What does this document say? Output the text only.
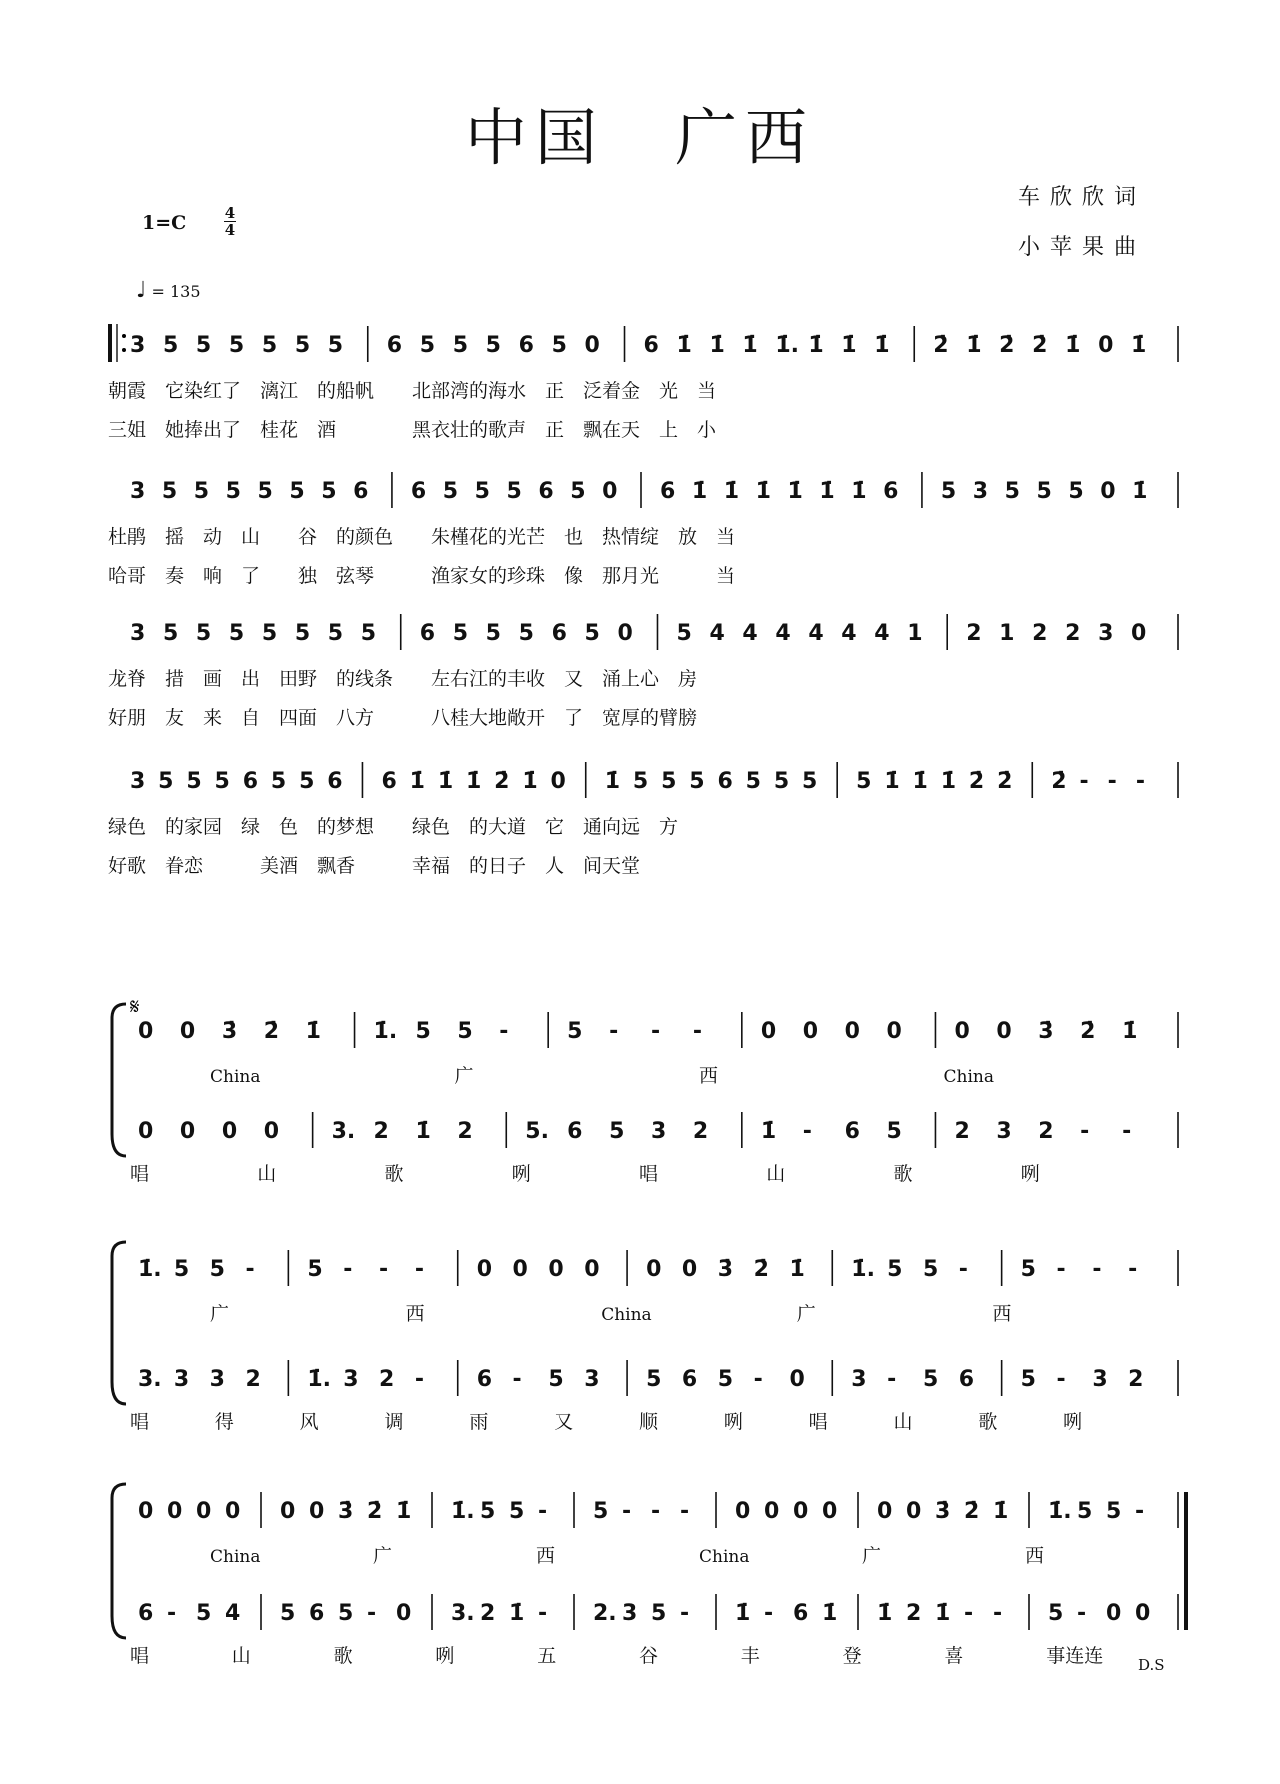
中国　广西
车欣欣词
小苹果曲
1=C	4
4
♩ = 135
3 5 5 5 5 5 5 6 5 5 5 6 5 0 6 1̇ 1̇ 1̇ 1̇. 1̇ 1̇ 1̇ 2̇ 1̇ 2̇ 2̇ 1̇ 0 1̇
朝霞　它染红了　漓江　的船帆　　北部湾的海水　正　泛着金　光　当
三姐　她捧出了　桂花　酒　　　　黑衣壮的歌声　正　飘在天　上　小
3 5 5 5 5 5 5 6 6 5 5 5 6 5 0 6 1̇ 1̇ 1̇ 1̇ 1̇ 1̇ 6 5 3 5 5 5 0 1̇
杜鹃　摇　动　山　　谷　的颜色　　朱槿花的光芒　也　热情绽　放　当
哈哥　奏　响　了　　独　弦琴　　　渔家女的珍珠　像　那月光　　　当
3 5 5 5 5 5 5 5 6 5 5 5 6 5 0 5 4 4 4 4 4 4 1 2 1 2 2 3 0
龙脊　措　画　出　田野　的线条　　左右江的丰收　又　涌上心　房
好朋　友　来　自　四面　八方　　　八桂大地敞开　了　宽厚的臂膀
3 5 5 5 6 5 5 6 6 1̇ 1̇ 1̇ 2̇ 1̇ 0 1̇ 5 5 5 6 5 5 5 5 1̇ 1̇ 1̇ 2̇ 2̇ 2̇ - - -
绿色　的家园　绿　色　的梦想　　绿色　的大道　它　通向远　方
好歌　眷恋　　　美酒　飘香　　　幸福　的日子　人　间天堂
0 0 3̇ 2̇ 1̇ 1̇. 5 5 -	5 - - -	0 0 0 0 0 0 3̇ 2̇ 1̇
0 0 0 0 3. 2 1̇ 2 5. 6 5 3 2 1̇ - 6 5 2 3 2 - -
China	广	西	China
唱	山	歌	咧	唱	山	歌	咧
1̇. 5 5 - 5 - - - 0 0 0 0 0 0 3̇ 2̇ 1̇ 1̇. 5 5 - 5 - - -
3. 3 3 2 1̇. 3 2 - 6 - 5 3 5 6 5 - 0 3 - 5 6 5 - 3 2
广	西	China	广	西
唱	得	风	调	雨	又	顺	咧	唱	山	歌	咧
0 0 0 0 0 0 3̇ 2̇ 1̇ 1̇. 5 5 - 5 - - - 0 0 0 0 0 0 3̇ 2̇ 1̇ 1̇. 5 5 -
6 - 5 4 5 6 5 - 0 3. 2 1̇ - 2. 3 5 - 1̇ - 6 1̇ 1̇ 2 1̇ - - 5 - 0 0
China	广	西	China	广	西
唱	山	歌	咧	五	谷	丰	登	喜	事连连
𝄋
D.S
